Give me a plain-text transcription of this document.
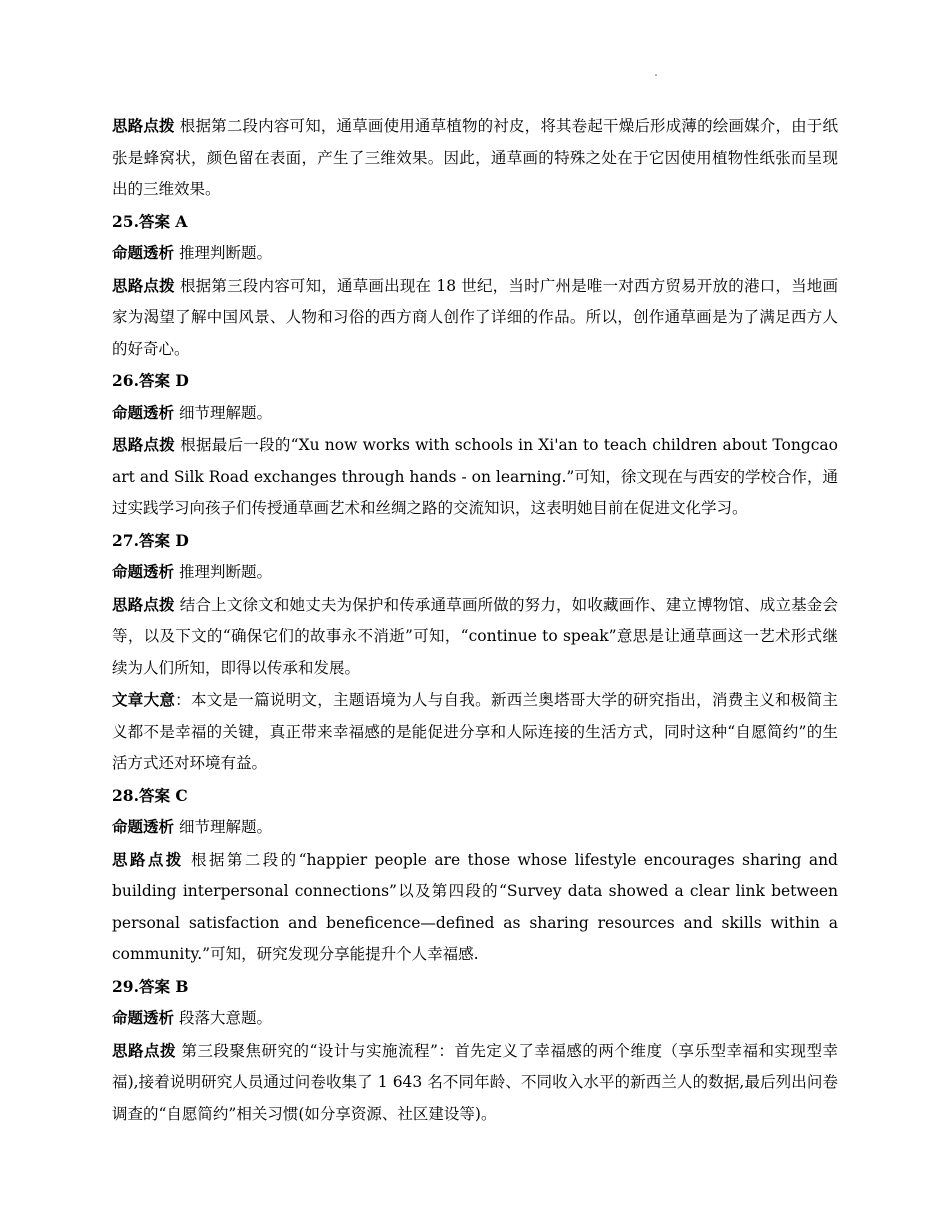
思路点拨 根据第二段内容可知，通草画使用通草植物的衬皮，将其卷起干燥后形成薄的绘画媒介，由于纸张是蜂窝状，颜色留在表面，产生了三维效果。因此，通草画的特殊之处在于它因使用植物性纸张而呈现出的三维效果。

25.答案 A

命题透析 推理判断题。

思路点拨 根据第三段内容可知，通草画出现在 18 世纪，当时广州是唯一对西方贸易开放的港口，当地画家为渴望了解中国风景、人物和习俗的西方商人创作了详细的作品。所以，创作通草画是为了满足西方人的好奇心。

26.答案 D

命题透析 细节理解题。

思路点拨 根据最后一段的“Xu now works with schools in Xi'an to teach children about Tongcao art and Silk Road exchanges through hands - on learning.”可知，徐文现在与西安的学校合作，通过实践学习向孩子们传授通草画艺术和丝绸之路的交流知识，这表明她目前在促进文化学习。

27.答案 D

命题透析 推理判断题。

思路点拨 结合上文徐文和她丈夫为保护和传承通草画所做的努力，如收藏画作、建立博物馆、成立基金会等，以及下文的“确保它们的故事永不消逝”可知，“continue to speak”意思是让通草画这一艺术形式继续为人们所知，即得以传承和发展。

文章大意：本文是一篇说明文，主题语境为人与自我。新西兰奥塔哥大学的研究指出，消费主义和极简主义都不是幸福的关键，真正带来幸福感的是能促进分享和人际连接的生活方式，同时这种“自愿简约”的生活方式还对环境有益。

28.答案 C

命题透析 细节理解题。

思路点拨 根据第二段的“happier people are those whose lifestyle encourages sharing and building interpersonal connections”以及第四段的“Survey data showed a clear link between personal satisfaction and beneficence—defined as sharing resources and skills within a community.”可知，研究发现分享能提升个人幸福感.

29.答案 B

命题透析 段落大意题。

思路点拨 第三段聚焦研究的“设计与实施流程”：首先定义了幸福感的两个维度（享乐型幸福和实现型幸福),接着说明研究人员通过问卷收集了 1 643 名不同年龄、不同收入水平的新西兰人的数据,最后列出问卷调查的“自愿简约”相关习惯(如分享资源、社区建设等)。
